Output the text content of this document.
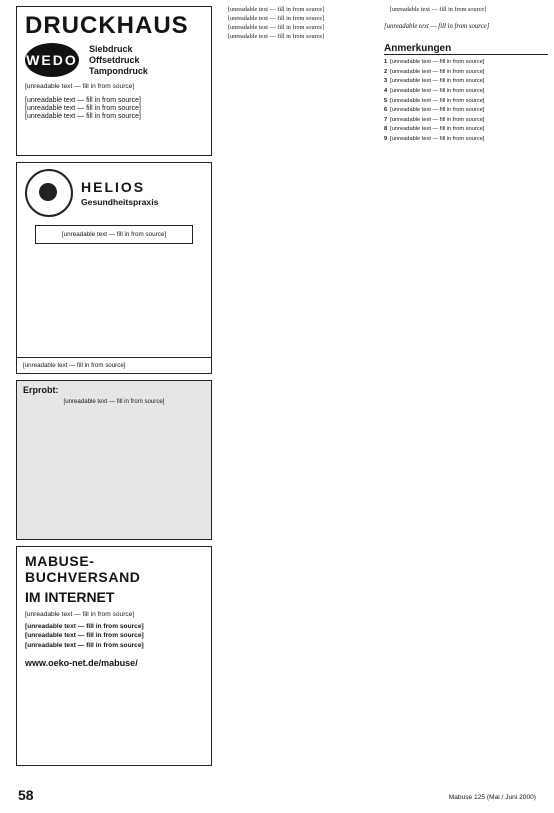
DRUCKHAUS
WEDO
Siebdruck
Offsetdruck
Tampondruck
[unreadable text — fill in from source]
[unreadable text — fill in from source]
[unreadable text — fill in from source]
[unreadable text — fill in from source]
HELIOS
Gesundheitspraxis
[unreadable text — fill in from source]
[unreadable text — fill in from source]
Erprobt:
[unreadable text — fill in from source]
MABUSE-BUCHVERSAND
IM INTERNET
[unreadable text — fill in from source]
[unreadable text — fill in from source]
[unreadable text — fill in from source]
[unreadable text — fill in from source]
www.oeko-net.de/mabuse/

[unreadable text — fill in from source]

[unreadable text — fill in from source]

[unreadable text — fill in from source]

[unreadable text — fill in from source]

[unreadable text — fill in from source]

[unreadable text — fill in from source]
Anmerkungen
1 [unreadable text — fill in from source]
2 [unreadable text — fill in from source]
3 [unreadable text — fill in from source]
4 [unreadable text — fill in from source]
5 [unreadable text — fill in from source]
6 [unreadable text — fill in from source]
7 [unreadable text — fill in from source]
8 [unreadable text — fill in from source]
9 [unreadable text — fill in from source]
58	Mabuse 125 (Mai / Juni 2000)
